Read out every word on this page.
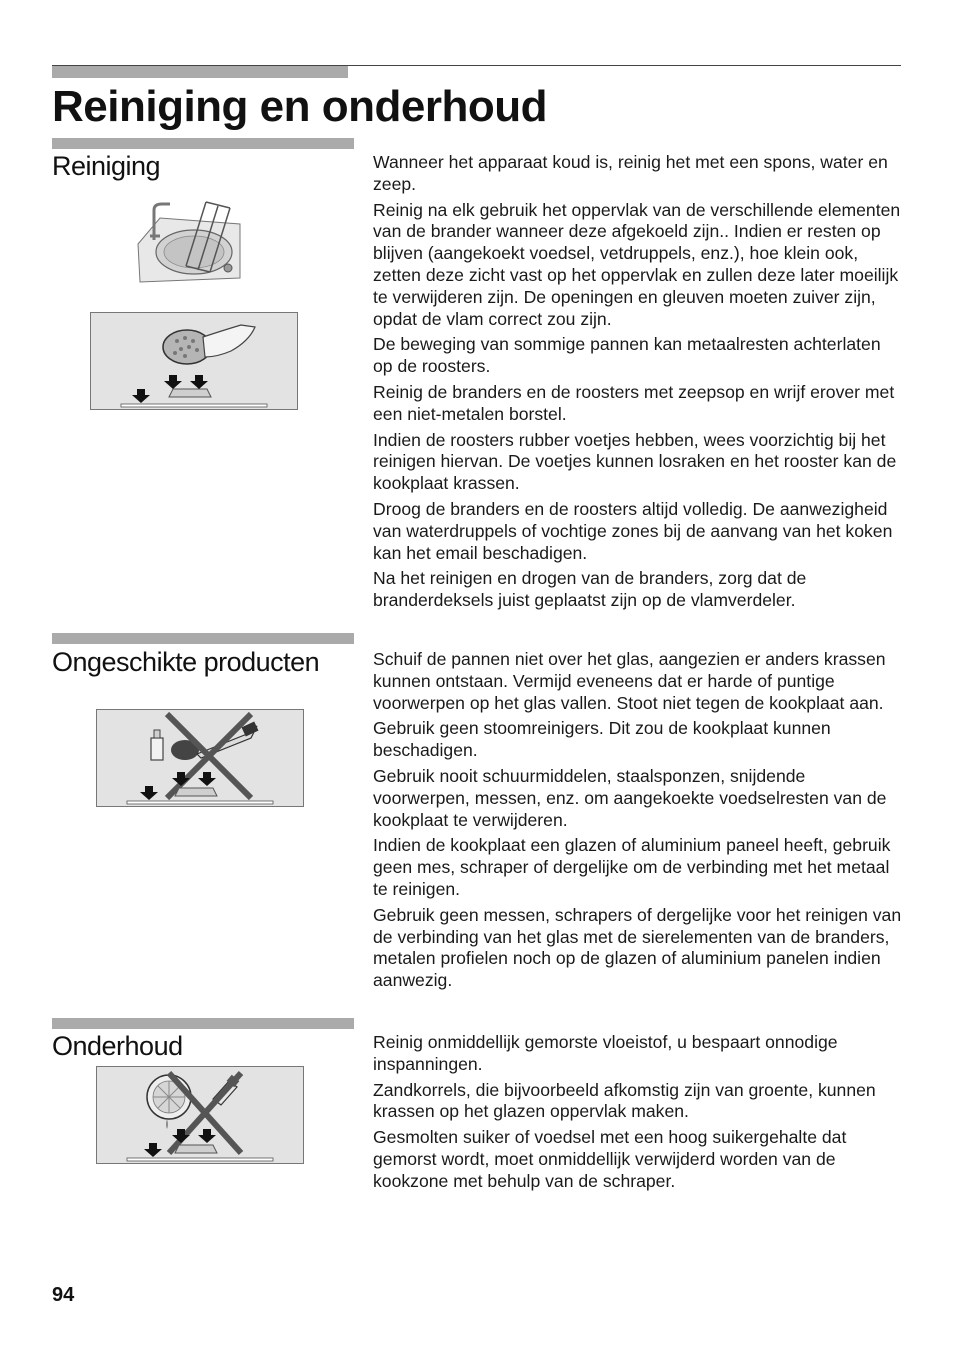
Reiniging en onderhoud
Reiniging	Wanneer het apparaat koud is, reinig het met een spons, water en zeep.

Reinig na elk gebruik het oppervlak van de verschillende elementen van de brander wanneer deze afgekoeld zijn.. Indien er resten op blijven (aangekoekt voedsel, vetdruppels, enz.), hoe klein ook, zetten deze zicht vast op het oppervlak en zullen deze later moeilijk te verwijderen zijn. De openingen en gleuven moeten zuiver zijn, opdat de vlam correct zou zijn.

De beweging van sommige pannen kan metaalresten achterlaten op de roosters.

Reinig de branders en de roosters met zeepsop en wrijf erover met een niet-metalen borstel.

Indien de roosters rubber voetjes hebben, wees voorzichtig bij het reinigen hiervan. De voetjes kunnen losraken en het rooster kan de kookplaat krassen.

Droog de branders en de roosters altijd volledig. De aanwezigheid van waterdruppels of vochtige zones bij de aanvang van het koken kan het email beschadigen.

Na het reinigen en drogen van de branders, zorg dat de branderdeksels juist geplaatst zijn op de vlamverdeler.

Ongeschikte producten	Schuif de pannen niet over het glas, aangezien er anders krassen kunnen ontstaan. Vermijd eveneens dat er harde of puntige voorwerpen op het glas vallen. Stoot niet tegen de kookplaat aan.

Gebruik geen stoomreinigers. Dit zou de kookplaat kunnen beschadigen.

Gebruik nooit schuurmiddelen, staalsponzen, snijdende voorwerpen, messen, enz. om aangekoekte voedselresten van de kookplaat te verwijderen.

Indien de kookplaat een glazen of aluminium paneel heeft, gebruik geen mes, schraper of dergelijke om de verbinding met het metaal te reinigen.

Gebruik geen messen, schrapers of dergelijke voor het reinigen van de verbinding van het glas met de sierelementen van de branders, metalen profielen noch op de glazen of aluminium panelen indien aanwezig.

Onderhoud	Reinig onmiddellijk gemorste vloeistof, u bespaart onnodige inspanningen.

Zandkorrels, die bijvoorbeeld afkomstig zijn van groente, kunnen krassen op het glazen oppervlak maken.

Gesmolten suiker of voedsel met een hoog suikergehalte dat gemorst wordt, moet onmiddellijk verwijderd worden van de kookzone met behulp van de schraper.

94
